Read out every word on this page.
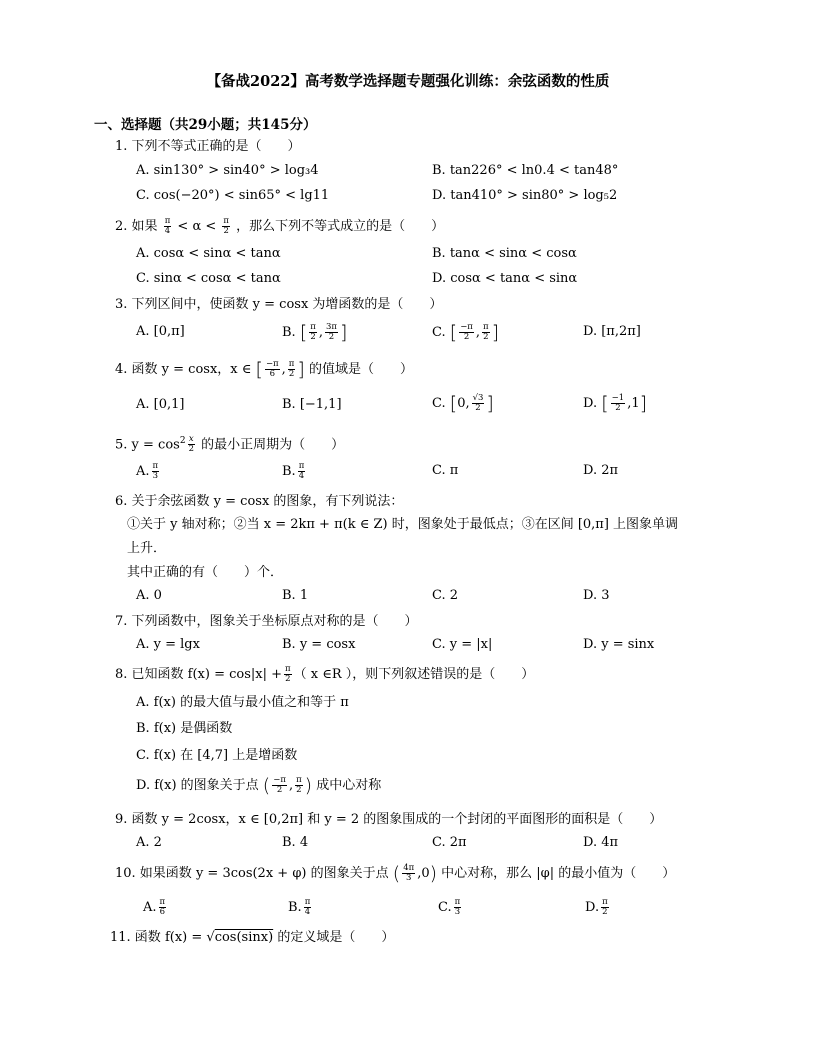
【备战2022】高考数学选择题专题强化训练：余弦函数的性质
一、选择题（共29小题；共145分）
1. 下列不等式正确的是（　　）
A. sin130° > sin40° > log₃4	B. tan226° < ln0.4 < tan48°
C. cos(−20°) < sin65° < lg11	D. tan410° > sin80° > log₅2
2. 如果 $\frac{\pi}{4} < \alpha < \frac{\pi}{2}$ ，那么下列不等式成立的是（　　）
A. cosα < sinα < tanα	B. tanα < sinα < cosα
C. sinα < cosα < tanα	D. cosα < tanα < sinα
3. 下列区间中，使函数 y = cosx 为增函数的是（　　）
A. [0,π]	B. [ $\frac{\pi}{2}$ , $\frac{3\pi}{2}$ ]	C. [ $\frac{-\pi}{2}$ , $\frac{\pi}{2}$ ]	D. [π,2π]
4. 函数 y = cosx，x ∈ [ $\frac{-\pi}{6}$ , $\frac{\pi}{2}$ ] 的值域是（　　）
A. [0,1]	B. [−1,1]	C. [0, $\frac{√3}{2}$ ]	D. [ $\frac{-1}{2} ,1$]
5. $y = \cos^2 \frac{x}{2}$ 的最小正周期为（　　）
A. $\frac{\pi}{3}$	B. $\frac{\pi}{4}$	C. π	D. 2π
6. 关于余弦函数 y = cosx 的图象，有下列说法：
①关于 y 轴对称；②当 x = 2kπ + π(k ∈ Z) 时，图象处于最低点；③在区间 [0,π] 上图象单调
上升．
其中正确的有（　　）个．
A. 0	B. 1	C. 2	D. 3
7. 下列函数中，图象关于坐标原点对称的是（　　）
A. y = lgx	B. y = cosx	C. y = |x|	D. y = sinx
8. 已知函数 $f(x) = \cos|x| + \frac{\pi}{2}$ （ x ∈R ），则下列叙述错误的是（　　）
A. f(x) 的最大值与最小值之和等于 π
B. f(x) 是偶函数
C. f(x) 在 [4,7] 上是增函数
D. f(x) 的图象关于点 ( $\frac{-\pi}{2}$ , $\frac{\pi}{2}$ ) 成中心对称
9. 函数 y = 2cosx，x ∈ [0,2π] 和 y = 2 的图象围成的一个封闭的平面图形的面积是（　　）
A. 2	B. 4	C. 2π	D. 4π
10. 如果函数 y = 3cos(2x + φ) 的图象关于点 ( $\frac{4\pi}{3} ,0$) 中心对称，那么 |φ| 的最小值为（　　）
A. $\frac{\pi}{6}$	B. $\frac{\pi}{4}$	C. $\frac{\pi}{3}$	D. $\frac{\pi}{2}$
11. 函数 f(x) = √cos(sinx) 的定义域是（　　）
